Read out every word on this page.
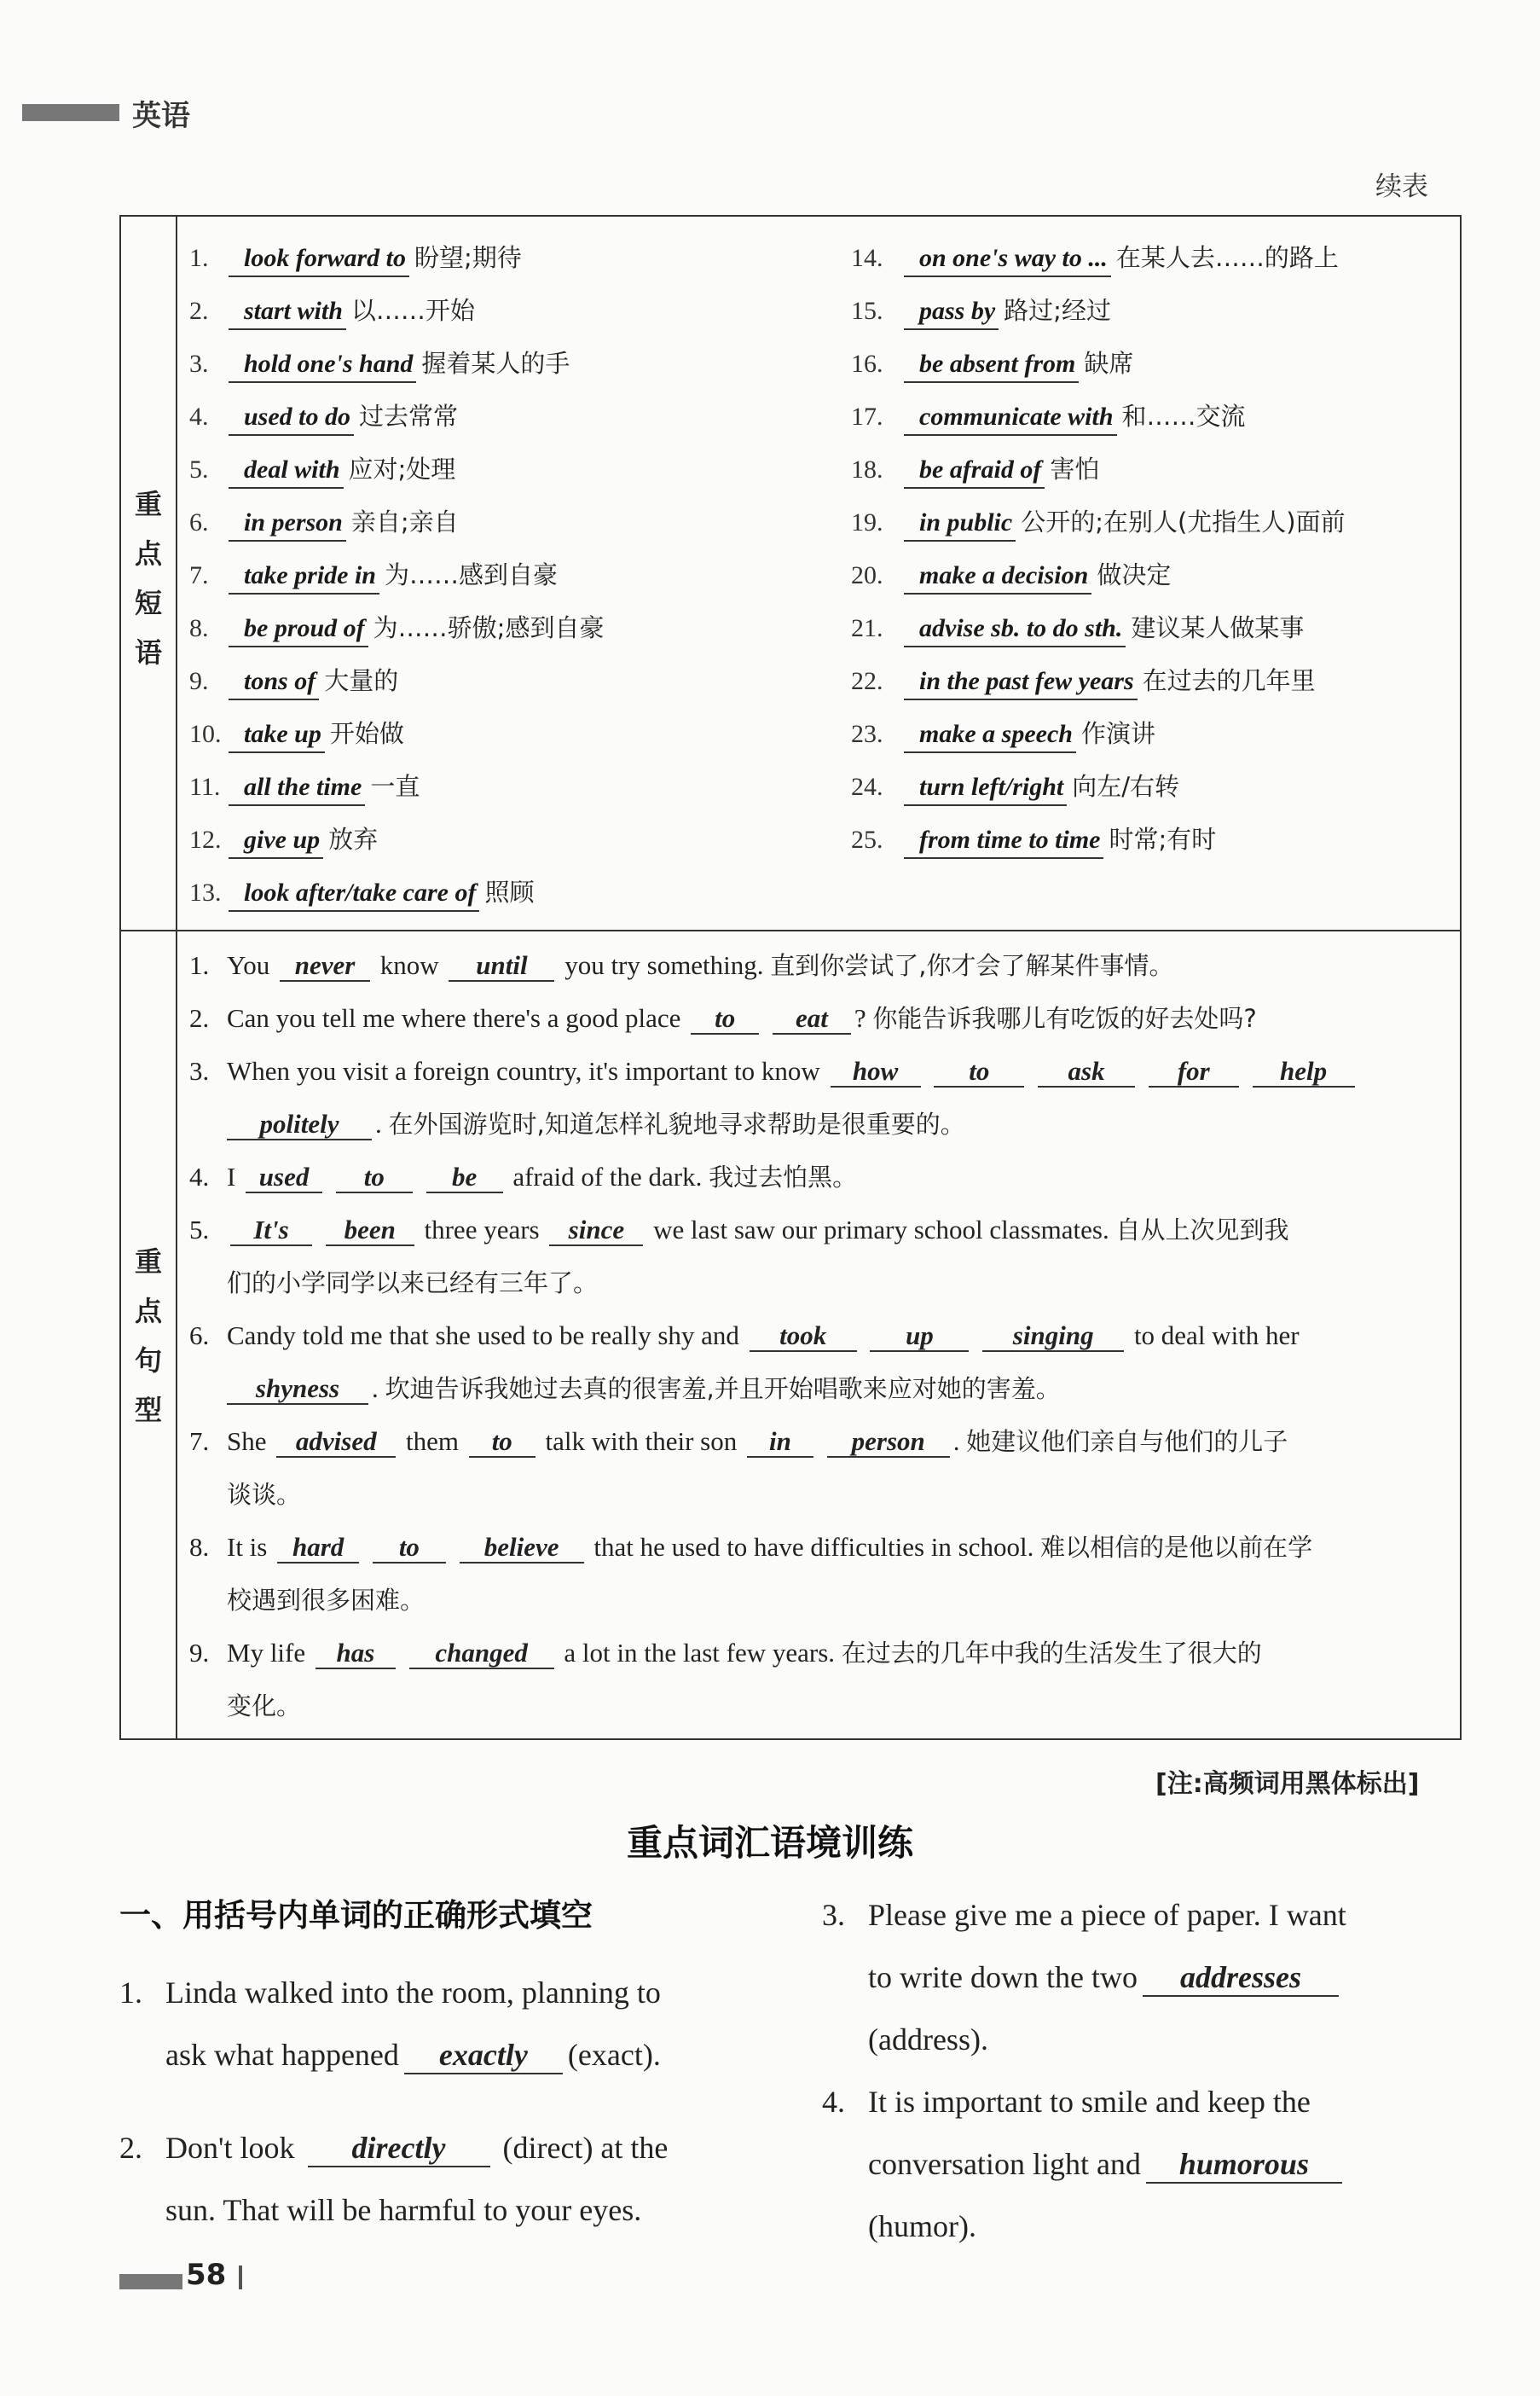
英语
续表
重
点
短
语
重
点
句
型
1. look forward to 盼望;期待
2. start with 以……开始
3. hold one's hand 握着某人的手
4. used to do 过去常常
5. deal with 应对;处理
6. in person 亲自;亲自
7. take pride in 为……感到自豪
8. be proud of 为……骄傲;感到自豪
9. tons of 大量的
10. take up 开始做
11. all the time 一直
12. give up 放弃
13. look after/take care of 照顾
14. on one's way to ... 在某人去……的路上
15. pass by 路过;经过
16. be absent from 缺席
17. communicate with 和……交流
18. be afraid of 害怕
19. in public 公开的;在别人(尤指生人)面前
20. make a decision 做决定
21. advise sb. to do sth. 建议某人做某事
22. in the past few years 在过去的几年里
23. make a speech 作演讲
24. turn left/right 向左/右转
25. from time to time 时常;有时
1. You never know until you try something. 直到你尝试了,你才会了解某件事情。
2. Can you tell me where there's a good place to eat ? 你能告诉我哪儿有吃饭的好去处吗?
3. When you visit a foreign country, it's important to know how	to	ask	for	help
politely . 在外国游览时,知道怎样礼貌地寻求帮助是很重要的。
4. I used to	be afraid of the dark. 我过去怕黑。
5. It's been three years since we last saw our primary school classmates. 自从上次见到我
们的小学同学以来已经有三年了。
6. Candy told me that she used to be really shy and took	up	singing to deal with her
shyness . 坎迪告诉我她过去真的很害羞,并且开始唱歌来应对她的害羞。
7. She advised them to talk with their son in person . 她建议他们亲自与他们的儿子
谈谈。
8. It is hard to believe that he used to have difficulties in school. 难以相信的是他以前在学
校遇到很多困难。
9. My life has changed a lot in the last few years. 在过去的几年中我的生活发生了很大的
变化。
[注:高频词用黑体标出]
重点词汇语境训练
一、用括号内单词的正确形式填空
1. Linda walked into the room, planning to
ask what happened exactly (exact).
2. Don't look directly (direct) at the
sun. That will be harmful to your eyes.
3. Please give me a piece of paper. I want
to write down the two addresses
(address).
4. It is important to smile and keep the
conversation light and humorous
(humor).
58
